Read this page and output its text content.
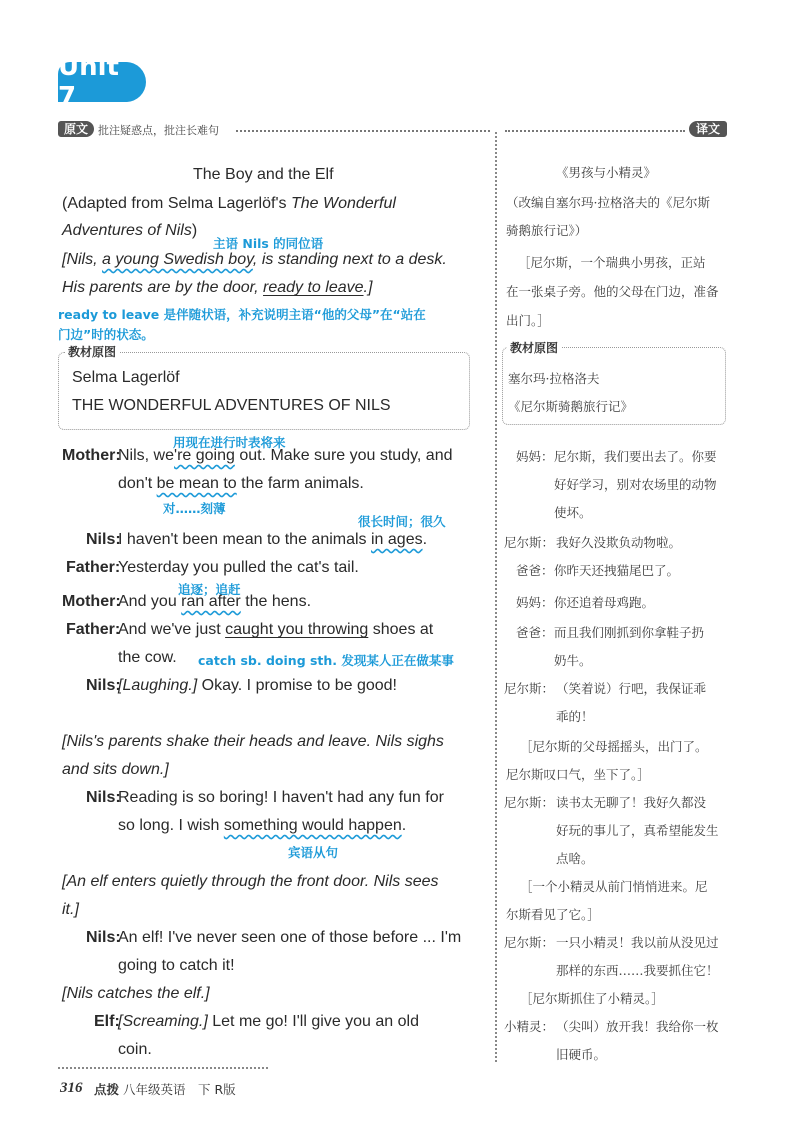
Unit 7
原文 批注疑惑点，批注长难句	译文
The Boy and the Elf
(Adapted from Selma Lagerlöf's The Wonderful
Adventures of Nils)
主语 Nils 的同位语
[Nils, a young Swedish boy, is standing next to a desk.
His parents are by the door, ready to leave.]
ready to leave 是伴随状语，补充说明主语“他的父母”在“站在
门边”时的状态。
教材原图
Selma Lagerlöf
THE WONDERFUL ADVENTURES OF NILS
用现在进行时表将来
Mother:
Nils, we're going out. Make sure you study, and
don't be mean to the farm animals.
对……刻薄
很长时间；很久
Nils:
I haven't been mean to the animals in ages.
Father:
Yesterday you pulled the cat's tail.
追逐；追赶
Mother:
And you ran after the hens.
Father:
And we've just caught you throwing shoes at
the cow. catch sb. doing sth. 发现某人正在做某事
Nils:
[Laughing.] Okay. I promise to be good!
[Nils's parents shake their heads and leave. Nils sighs
and sits down.]
Nils:
Reading is so boring! I haven't had any fun for
so long. I wish something would happen.
宾语从句
[An elf enters quietly through the front door. Nils sees
it.]
Nils:
An elf! I've never seen one of those before ... I'm
going to catch it!
[Nils catches the elf.]
Elf:
[Screaming.] Let me go! I'll give you an old
coin.
《男孩与小精灵》
（改编自塞尔玛·拉格洛夫的《尼尔斯
骑鹅旅行记》）
［尼尔斯，一个瑞典小男孩，正站
在一张桌子旁。他的父母在门边，准备
出门。］
教材原图
塞尔玛·拉格洛夫
《尼尔斯骑鹅旅行记》
妈妈： 尼尔斯，我们要出去了。你要
好好学习，别对农场里的动物
使坏。
尼尔斯： 我好久没欺负动物啦。
爸爸： 你昨天还拽猫尾巴了。
妈妈： 你还追着母鸡跑。
爸爸： 而且我们刚抓到你拿鞋子扔
奶牛。
尼尔斯： （笑着说）行吧，我保证乖
乖的！
［尼尔斯的父母摇摇头，出门了。
尼尔斯叹口气，坐下了。］
尼尔斯： 读书太无聊了！我好久都没
好玩的事儿了，真希望能发生
点啥。
［一个小精灵从前门悄悄进来。尼
尔斯看见了它。］
尼尔斯： 一只小精灵！我以前从没见过
那样的东西……我要抓住它！
［尼尔斯抓住了小精灵。］
小精灵： （尖叫）放开我！我给你一枚
旧硬币。
316 点拨 八年级英语　下 R版
